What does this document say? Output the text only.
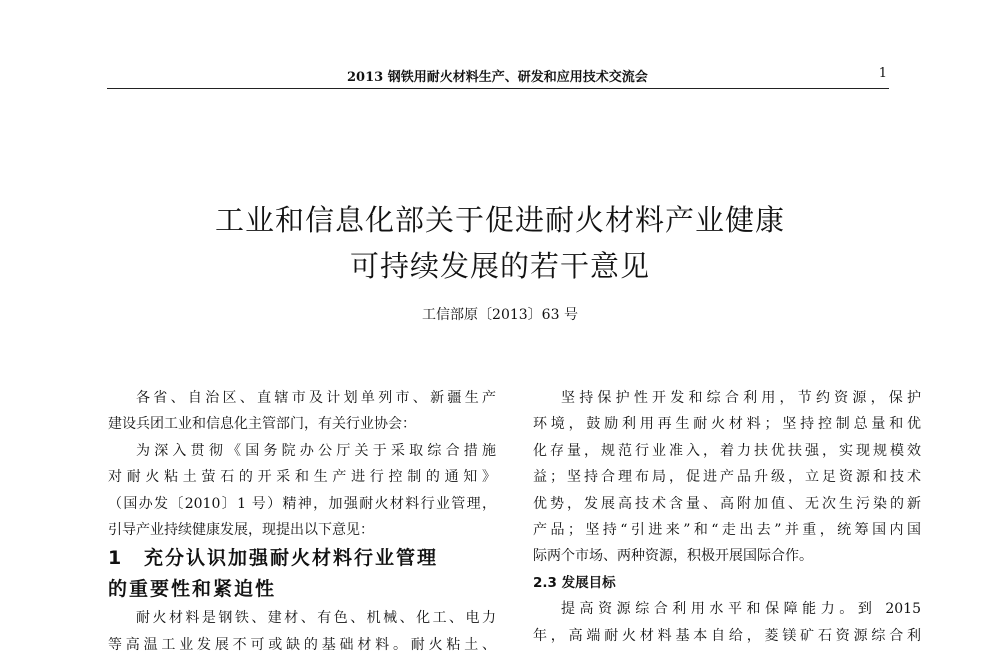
2013 钢铁用耐火材料生产、研发和应用技术交流会	1
工业和信息化部关于促进耐火材料产业健康
可持续发展的若干意见
工信部原〔2013〕63 号
各省、自治区、直辖市及计划单列市、新疆生产
建设兵团工业和信息化主管部门，有关行业协会：
为深入贯彻《国务院办公厅关于采取综合措施
对耐火粘土萤石的开采和生产进行控制的通知》
（国办发〔2010〕1 号）精神，加强耐火材料行业管理，
引导产业持续健康发展，现提出以下意见：
1 充分认识加强耐火材料行业管理
的重要性和紧迫性
耐火材料是钢铁、建材、有色、机械、化工、电力
等高温工业发展不可或缺的基础材料。耐火粘土、
坚持保护性开发和综合利用，节约资源，保护
环境，鼓励利用再生耐火材料；坚持控制总量和优
化存量，规范行业准入，着力扶优扶强，实现规模效
益；坚持合理布局，促进产品升级，立足资源和技术
优势，发展高技术含量、高附加值、无次生污染的新
产品；坚持“引进来”和“走出去”并重，统筹国内国
际两个市场、两种资源，积极开展国际合作。
2.3 发展目标
提高资源综合利用水平和保障能力。到 2015
年，高端耐火材料基本自给，菱镁矿石资源综合利
